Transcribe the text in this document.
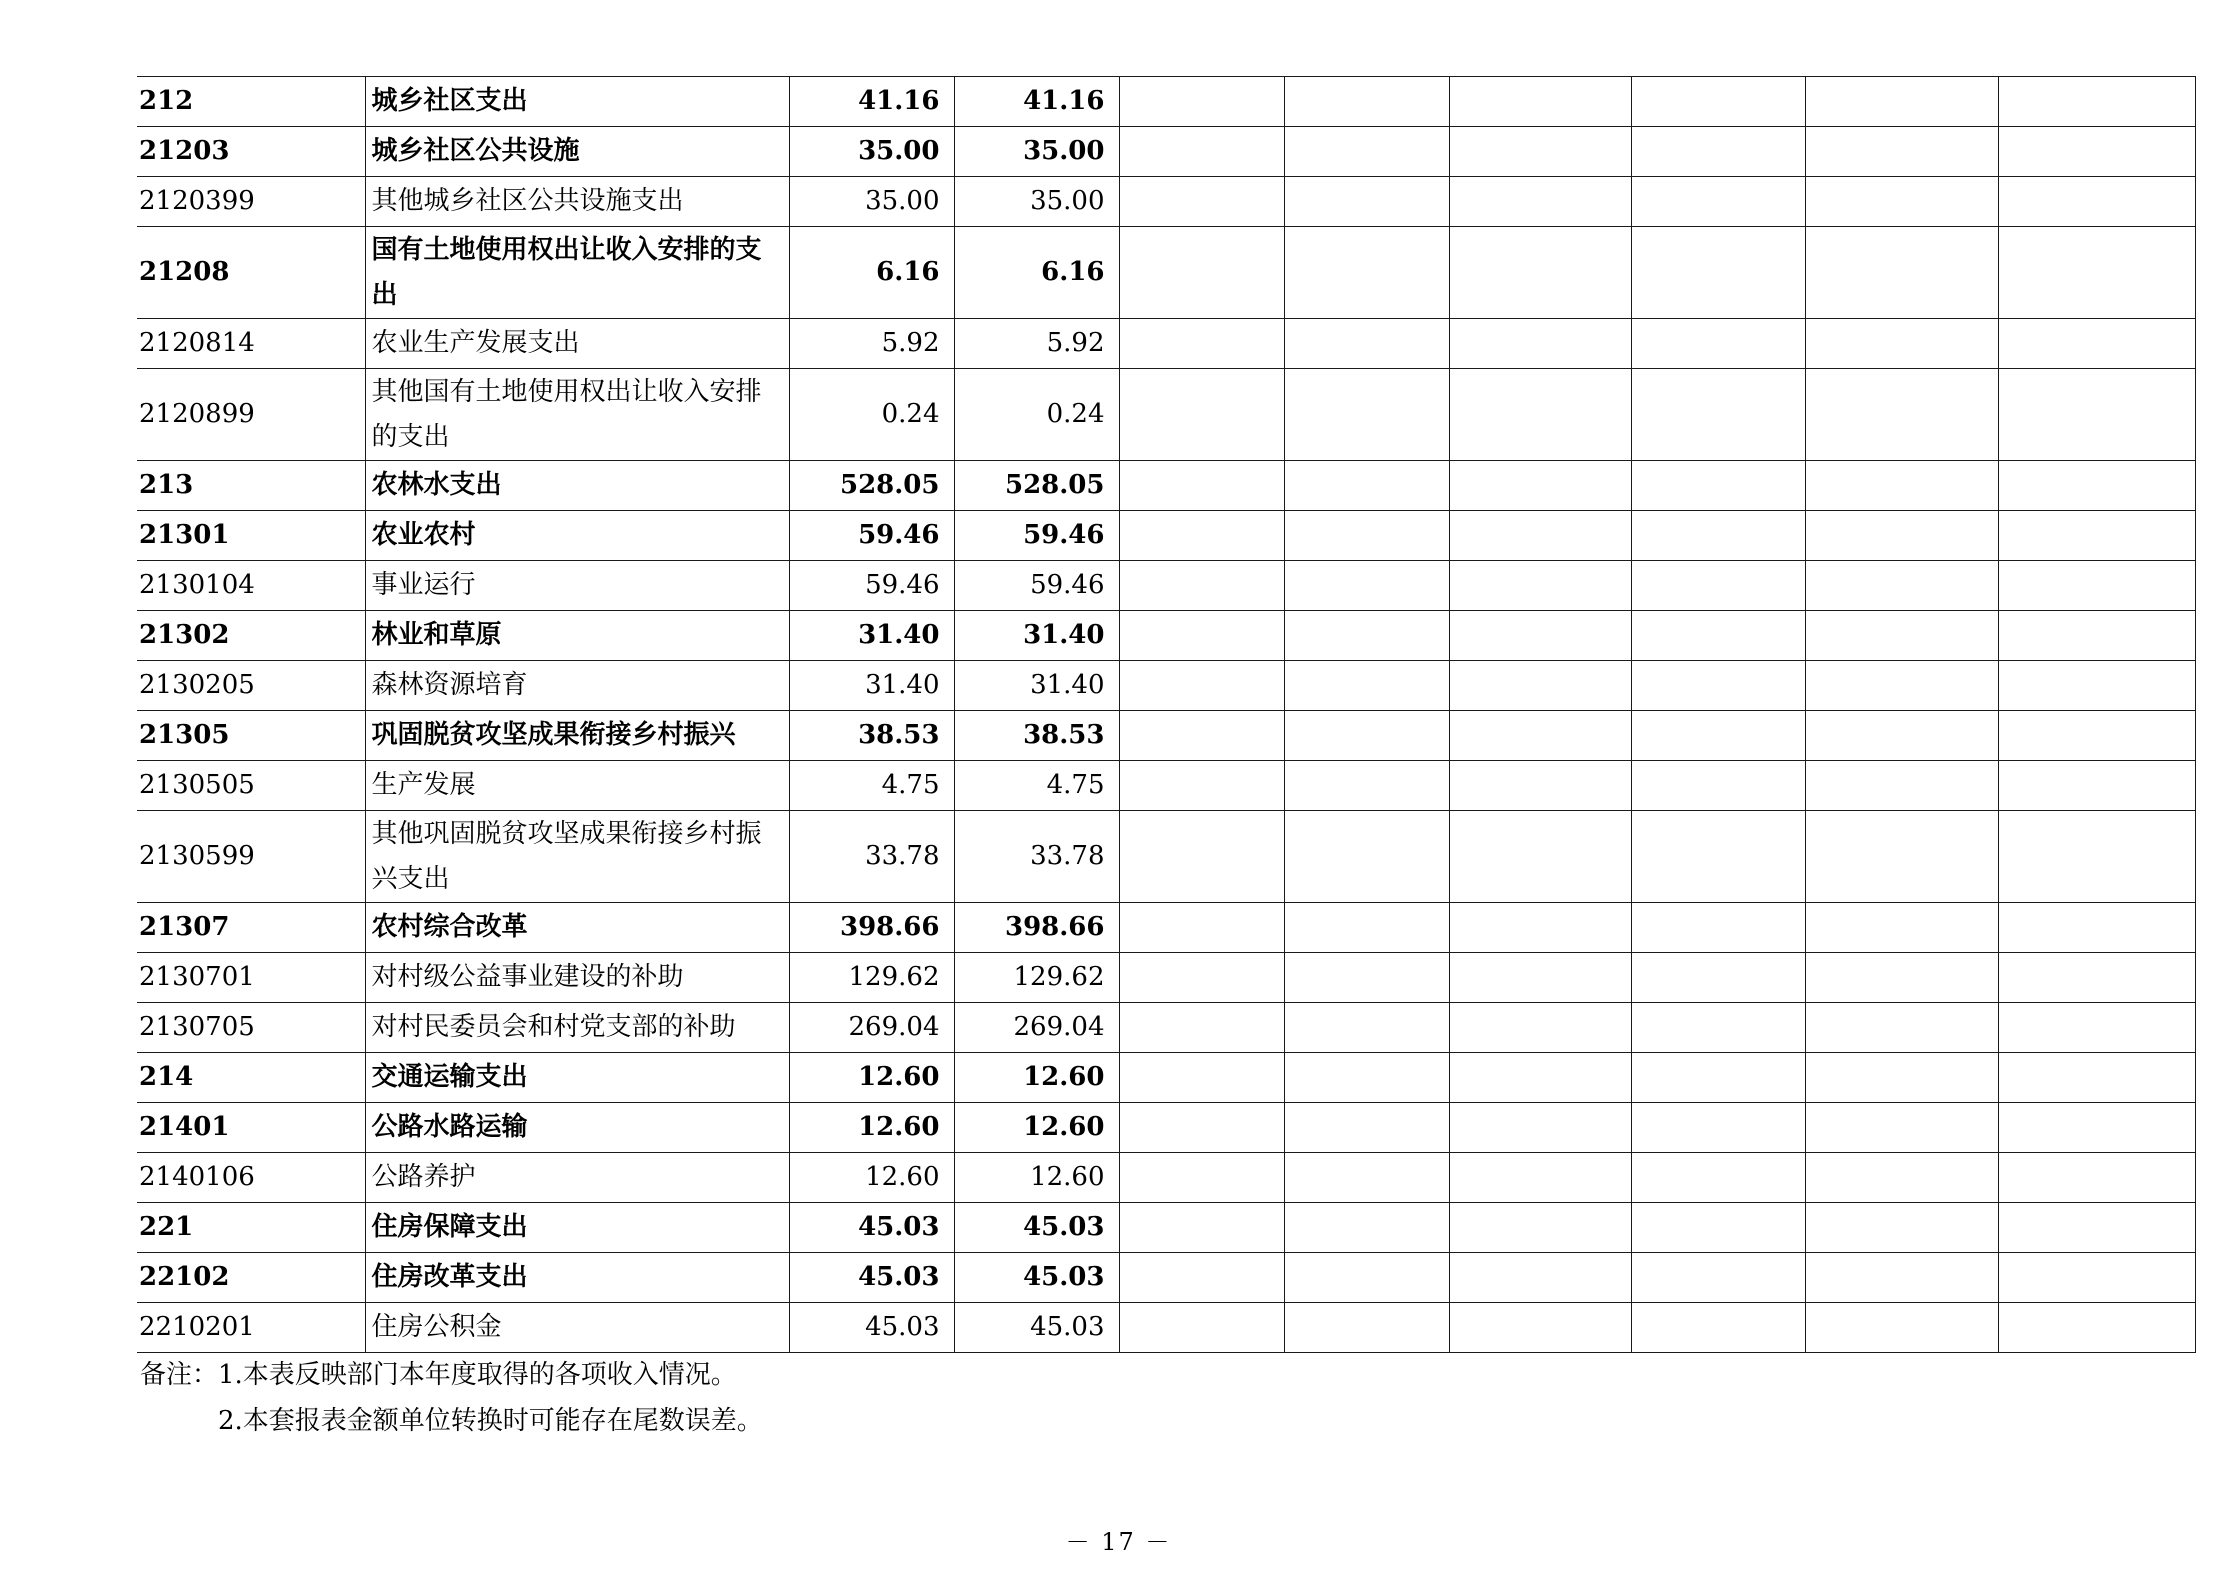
212	城乡社区支出	41.16	41.16						
21203	城乡社区公共设施	35.00	35.00						
2120399	其他城乡社区公共设施支出	35.00	35.00						
21208	国有土地使用权出让收入安排的支出	6.16	6.16						
2120814	农业生产发展支出	5.92	5.92						
2120899	其他国有土地使用权出让收入安排的支出	0.24	0.24						
213	农林水支出	528.05	528.05						
21301	农业农村	59.46	59.46						
2130104	事业运行	59.46	59.46						
21302	林业和草原	31.40	31.40						
2130205	森林资源培育	31.40	31.40						
21305	巩固脱贫攻坚成果衔接乡村振兴	38.53	38.53						
2130505	生产发展	4.75	4.75						
2130599	其他巩固脱贫攻坚成果衔接乡村振兴支出	33.78	33.78						
21307	农村综合改革	398.66	398.66						
2130701	对村级公益事业建设的补助	129.62	129.62						
2130705	对村民委员会和村党支部的补助	269.04	269.04						
214	交通运输支出	12.60	12.60						
21401	公路水路运输	12.60	12.60						
2140106	公路养护	12.60	12.60						
221	住房保障支出	45.03	45.03						
22102	住房改革支出	45.03	45.03						
2210201	住房公积金	45.03	45.03						
备注：1.本表反映部门本年度取得的各项收入情况。
2.本套报表金额单位转换时可能存在尾数误差。
－ 17 －
